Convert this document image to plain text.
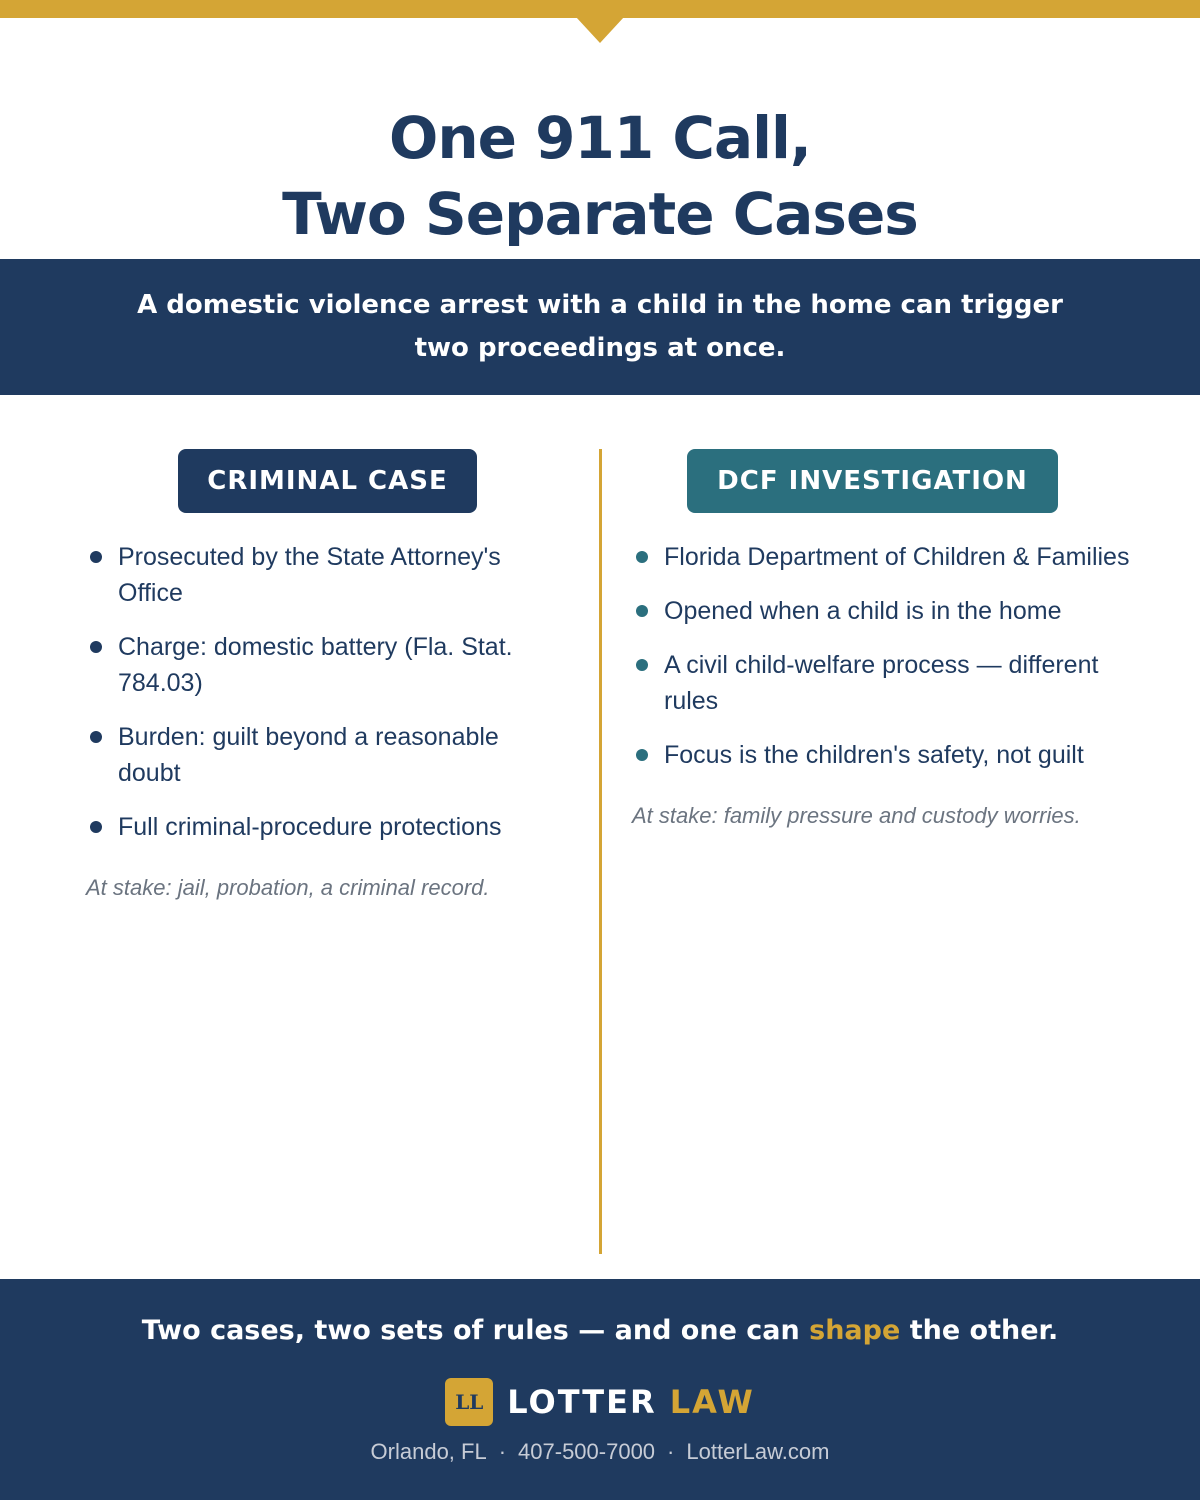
One 911 Call,
Two Separate Cases

A domestic violence arrest with a child in the home can trigger two proceedings at once.

CRIMINAL CASE
Prosecuted by the State Attorney's Office
Charge: domestic battery (Fla. Stat. 784.03)
Burden: guilt beyond a reasonable doubt
Full criminal-procedure protections

At stake: jail, probation, a criminal record.

DCF INVESTIGATION
Florida Department of Children & Families
Opened when a child is in the home
A civil child-welfare process — different rules
Focus is the children's safety, not guilt

At stake: family pressure and custody worries.

Two cases, two sets of rules — and one can shape the other.

LL LOTTER LAW
Orlando, FL · 407-500-7000 · LotterLaw.com
